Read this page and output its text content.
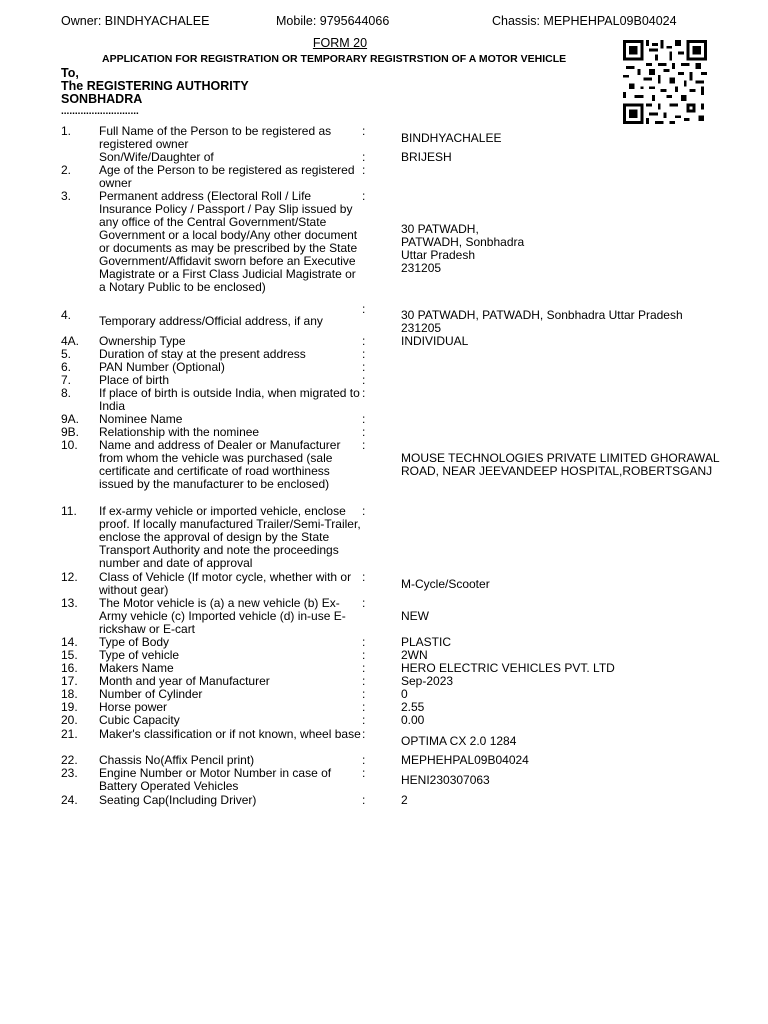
Owner: BINDHYACHALEE	Mobile: 9795644066	Chassis: MEPHEHPAL09B04024
FORM 20
APPLICATION FOR REGISTRATION OR TEMPORARY REGISTRSTION OF A MOTOR VEHICLE
To,
The REGISTERING AUTHORITY
SONBHADRA
............................
1. Full Name of the Person to be registered as registered owner
:	BINDHYACHALEE
Son/Wife/Daughter of	:	BRIJESH
2. Age of the Person to be registered as registered owner
:
3. Permanent address (Electoral Roll / Life Insurance Policy / Passport / Pay Slip issued by any office of the Central Government/State Government or a local body/Any other document or documents as may be prescribed by the State Government/Affidavit sworn before an Executive Magistrate or a First Class Judicial Magistrate or a Notary Public to be enclosed)
:
30 PATWADH,
PATWADH, Sonbhadra
Uttar Pradesh
231205
4. Temporary address/Official address, if any
:	30 PATWADH, PATWADH, Sonbhadra Uttar Pradesh 231205
4A. Ownership Type	:	INDIVIDUAL
5. Duration of stay at the present address	:
6. PAN Number (Optional)	:
7. Place of birth	:
8. If place of birth is outside India, when migrated to India
:
9A. Nominee Name	:
9B. Relationship with the nominee	:
10. Name and address of Dealer or Manufacturer from whom the vehicle was purchased (sale certificate and certificate of road worthiness issued by the manufacturer to be enclosed)
:
MOUSE TECHNOLOGIES PRIVATE LIMITED GHORAWAL ROAD, NEAR JEEVANDEEP HOSPITAL,ROBERTSGANJ
11. If ex-army vehicle or imported vehicle, enclose proof. If locally manufactured Trailer/Semi-Trailer, enclose the approval of design by the State Transport Authority and note the proceedings number and date of approval
:
12. Class of Vehicle (If motor cycle, whether with or without gear)
:	M-Cycle/Scooter
13. The Motor vehicle is (a) a new vehicle (b) Ex-Army vehicle (c) Imported vehicle (d) in-use E-rickshaw or E-cart
:
NEW
14. Type of Body	:	PLASTIC
15. Type of vehicle	:	2WN
16. Makers Name	:	HERO ELECTRIC VEHICLES PVT. LTD
17. Month and year of Manufacturer	:	Sep-2023
18. Number of Cylinder	:	0
19. Horse power	:	2.55
20. Cubic Capacity	:	0.00
21. Maker's classification or if not known, wheel base :	OPTIMA CX 2.0 1284
22. Chassis No(Affix Pencil print)	:	MEPHEHPAL09B04024
23. Engine Number or Motor Number in case of Battery Operated Vehicles
:	HENI230307063
24. Seating Cap(Including Driver)	:	2
